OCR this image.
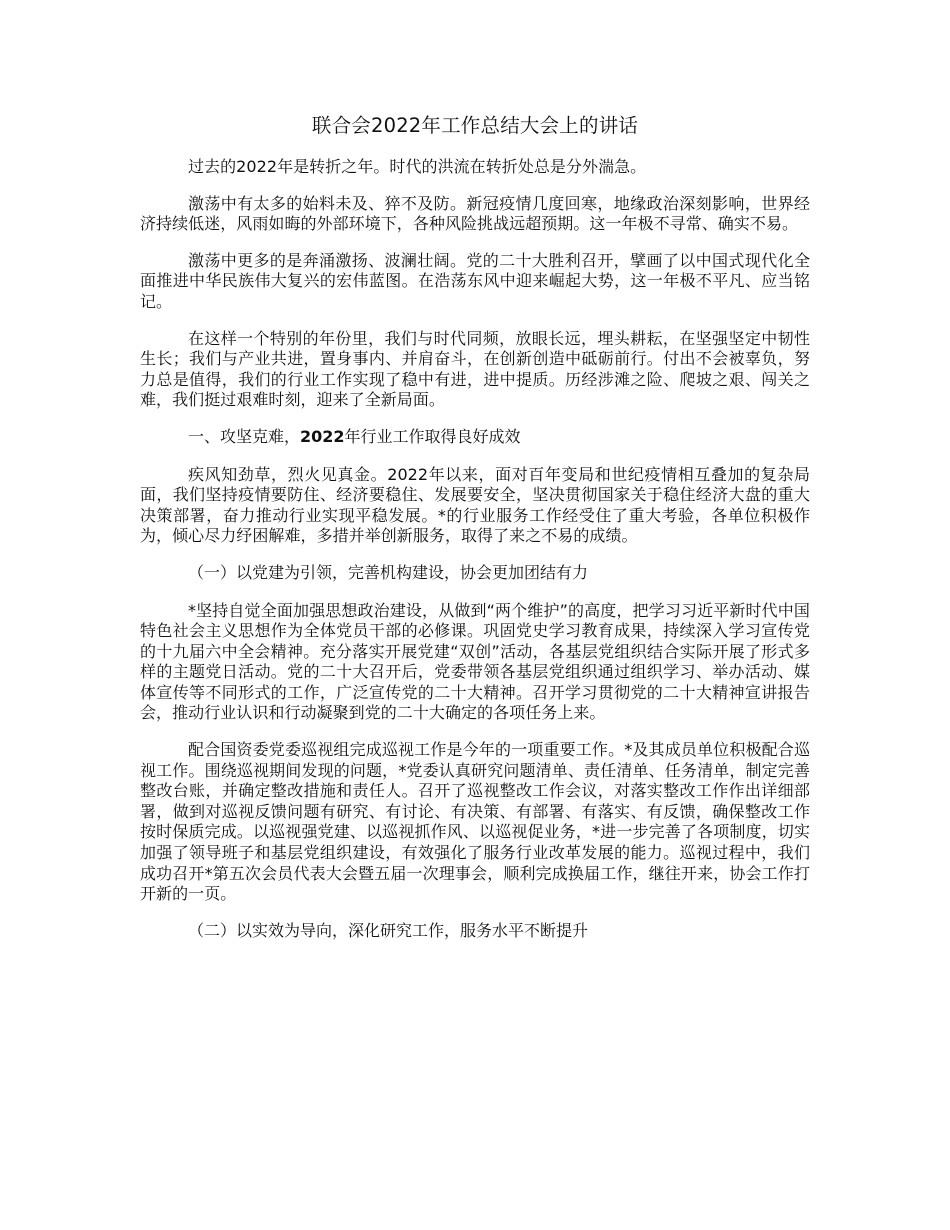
联合会2022年工作总结大会上的讲话

过去的2022年是转折之年。时代的洪流在转折处总是分外湍急。

激荡中有太多的始料未及、猝不及防。新冠疫情几度回寒，地缘政治深刻影响，世界经济持续低迷，风雨如晦的外部环境下，各种风险挑战远超预期。这一年极不寻常、确实不易。

激荡中更多的是奔涌激扬、波澜壮阔。党的二十大胜利召开，擘画了以中国式现代化全面推进中华民族伟大复兴的宏伟蓝图。在浩荡东风中迎来崛起大势，这一年极不平凡、应当铭记。

在这样一个特别的年份里，我们与时代同频，放眼长远，埋头耕耘，在坚强坚定中韧性生长；我们与产业共进，置身事内、并肩奋斗，在创新创造中砥砺前行。付出不会被辜负，努力总是值得，我们的行业工作实现了稳中有进，进中提质。历经涉滩之险、爬坡之艰、闯关之难，我们挺过艰难时刻，迎来了全新局面。

一、攻坚克难，2022年行业工作取得良好成效

疾风知劲草，烈火见真金。2022年以来，面对百年变局和世纪疫情相互叠加的复杂局面，我们坚持疫情要防住、经济要稳住、发展要安全，坚决贯彻国家关于稳住经济大盘的重大决策部署，奋力推动行业实现平稳发展。*的行业服务工作经受住了重大考验，各单位积极作为，倾心尽力纾困解难，多措并举创新服务，取得了来之不易的成绩。

（一）以党建为引领，完善机构建设，协会更加团结有力

*坚持自觉全面加强思想政治建设，从做到“两个维护”的高度，把学习习近平新时代中国特色社会主义思想作为全体党员干部的必修课。巩固党史学习教育成果，持续深入学习宣传党的十九届六中全会精神。充分落实开展党建“双创”活动，各基层党组织结合实际开展了形式多样的主题党日活动。党的二十大召开后，党委带领各基层党组织通过组织学习、举办活动、媒体宣传等不同形式的工作，广泛宣传党的二十大精神。召开学习贯彻党的二十大精神宣讲报告会，推动行业认识和行动凝聚到党的二十大确定的各项任务上来。

配合国资委党委巡视组完成巡视工作是今年的一项重要工作。*及其成员单位积极配合巡视工作。围绕巡视期间发现的问题，*党委认真研究问题清单、责任清单、任务清单，制定完善整改台账，并确定整改措施和责任人。召开了巡视整改工作会议，对落实整改工作作出详细部署，做到对巡视反馈问题有研究、有讨论、有决策、有部署、有落实、有反馈，确保整改工作按时保质完成。以巡视强党建、以巡视抓作风、以巡视促业务，*进一步完善了各项制度，切实加强了领导班子和基层党组织建设，有效强化了服务行业改革发展的能力。巡视过程中，我们成功召开*第五次会员代表大会暨五届一次理事会，顺利完成换届工作，继往开来，协会工作打开新的一页。

（二）以实效为导向，深化研究工作，服务水平不断提升
